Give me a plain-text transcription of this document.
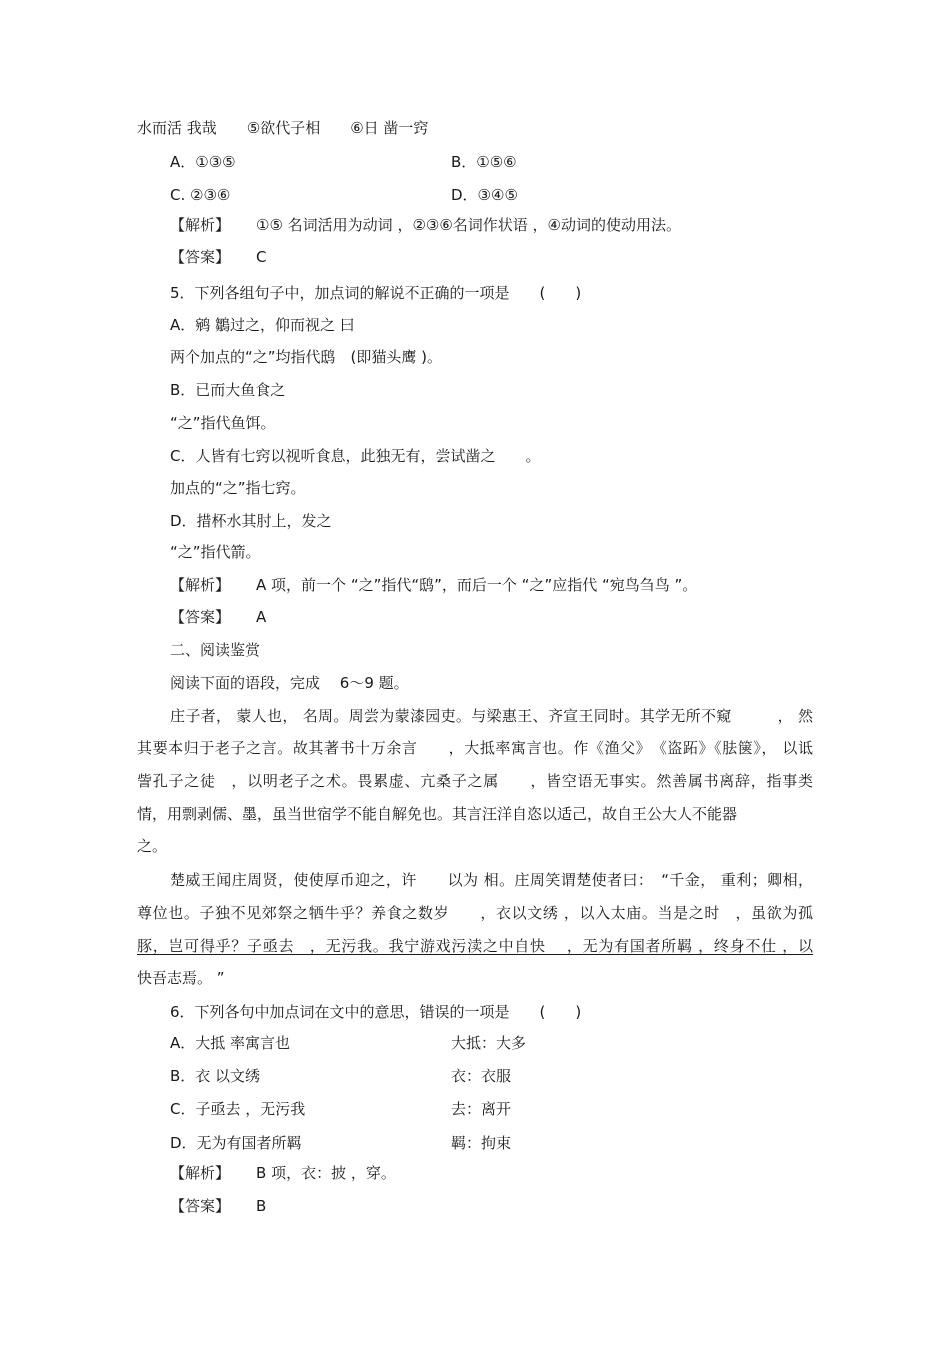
水而活 我哉　　⑤欲代子相　　⑥日 凿一窍
A．①③⑤	B．①⑤⑥
C. ②③⑥	D．③④⑤
【解析】 ①⑤ 名词活用为动词 ，②③⑥名词作状语 ，④动词的使动用法。
【答案】 C
5．下列各组句子中，加点词的解说不正确的一项是　　(　　)
A．鹓 鶵过之，仰而视之 曰
两个加点的“之”均指代鸱　(即猫头鹰 )。
B．已而大鱼食之
“之”指代鱼饵。
C．人皆有七窍以视听食息，此独无有，尝试凿之　　。
加点的“之”指七窍。
D．措杯水其肘上，发之
“之”指代箭。
【解析】 A 项，前一个 “之”指代“鸱”，而后一个 “之”应指代 “宛鸟刍鸟 ”。
【答案】 A
二、阅读鉴赏
阅读下面的语段，完成　 6～9 题。
庄子者， 蒙人也， 名周。周尝为蒙漆园吏。与梁惠王、齐宣王同时。其学无所不窥　　　， 然
其要本归于老子之言。故其著书十万余言　　，大抵率寓言也。作《渔父》　《盗跖》《胠箧》， 以诋
訾孔子之徒　，以明老子之术。畏累虚、亢桑子之属　　，皆空语无事实。然善属书离辞，指事类
情，用剽剥儒、墨，虽当世宿学不能自解免也。其言汪洋自恣以适己，故自王公大人不能器
之。
楚威王闻庄周贤，使使厚币迎之，许　　以为 相。庄周笑谓楚使者曰：　“千金， 重利；卿相，
尊位也。子独不见郊祭之牺牛乎？养食之数岁　　，衣以文绣 ，以入太庙。当是之时　，虽欲为孤
豚，岂可得乎？子亟去　，无污我。我宁游戏污渎之中自快　 ，无为有国者所羁 ，终身不仕 ，以
快吾志焉。 ”
6．下列各句中加点词在文中的意思，错误的一项是　　(　　)
A．大抵 率寓言也	大抵：大多
B．衣 以文绣	衣：衣服
C．子亟去 ，无污我	去：离开
D．无为有国者所羁	羁：拘束
【解析】 B 项，衣：披 ，穿。
【答案】 B
